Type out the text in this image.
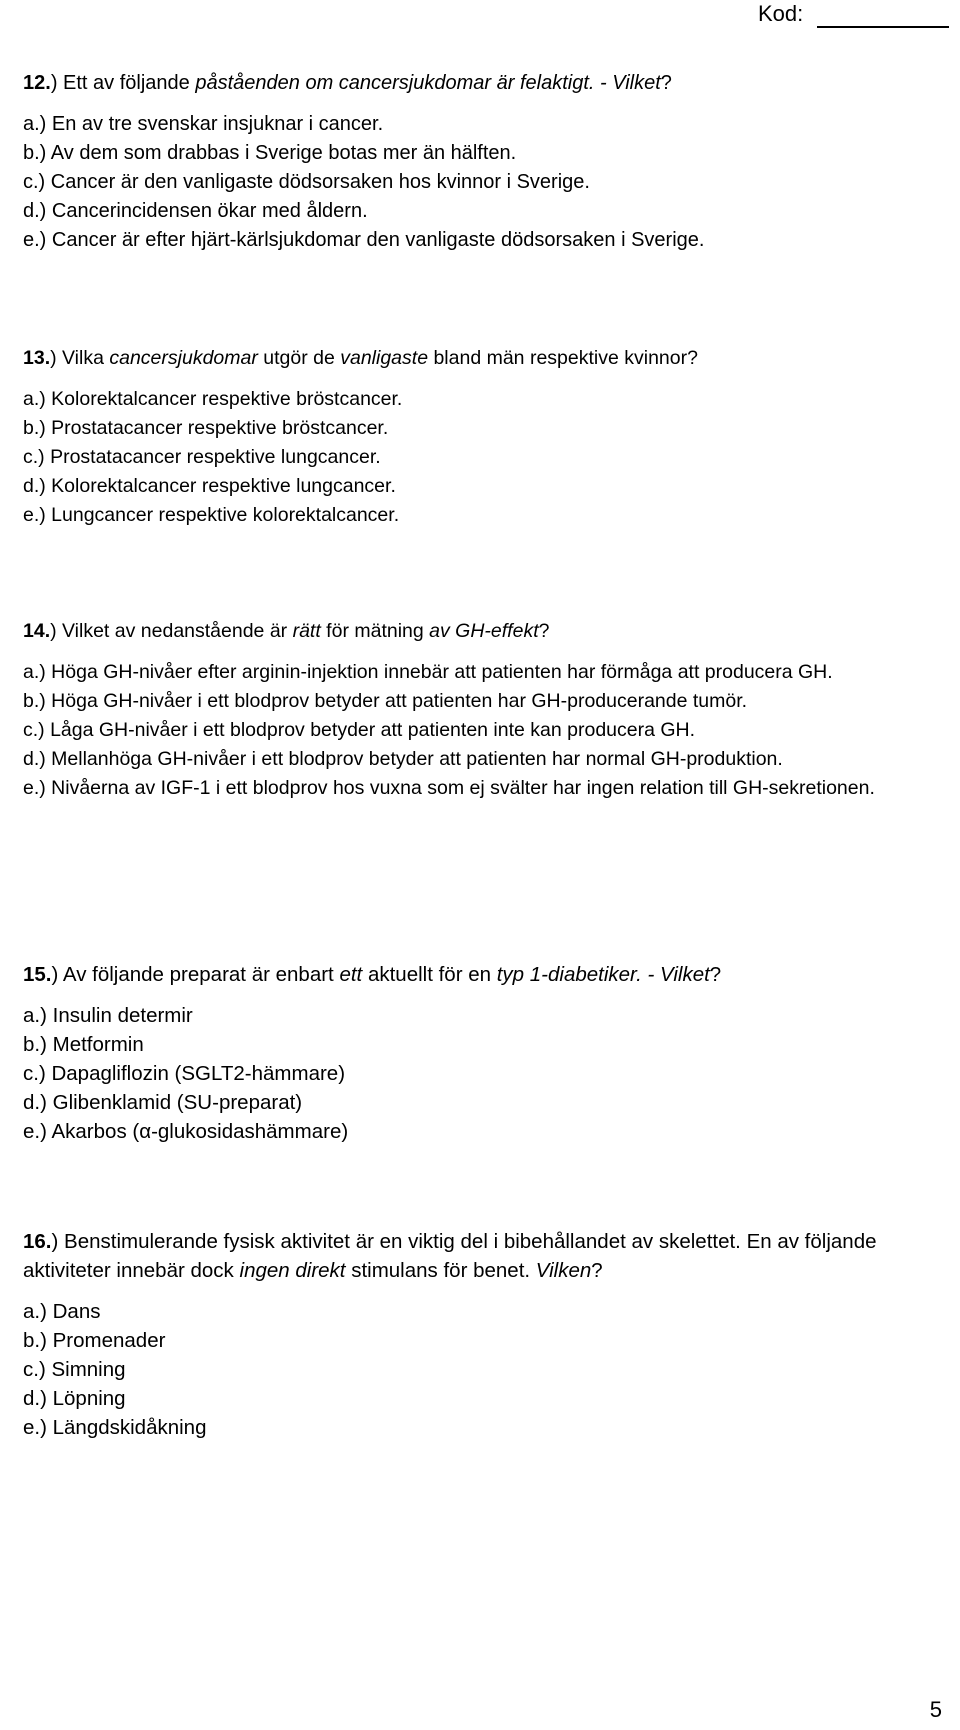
Kod:

12.) Ett av följande påståenden om cancersjukdomar är felaktigt. - Vilket?

a.) En av tre svenskar insjuknar i cancer.
b.) Av dem som drabbas i Sverige botas mer än hälften.
c.) Cancer är den vanligaste dödsorsaken hos kvinnor i Sverige.
d.) Cancerincidensen ökar med åldern.
e.) Cancer är efter hjärt-kärlsjukdomar den vanligaste dödsorsaken i Sverige.

13.) Vilka cancersjukdomar utgör de vanligaste bland män respektive kvinnor?

a.) Kolorektalcancer respektive bröstcancer.
b.) Prostatacancer respektive bröstcancer.
c.) Prostatacancer respektive lungcancer.
d.) Kolorektalcancer respektive lungcancer.
e.) Lungcancer respektive kolorektalcancer.

14.) Vilket av nedanstående är rätt för mätning av GH-effekt?

a.) Höga GH-nivåer efter arginin-injektion innebär att patienten har förmåga att producera GH.
b.) Höga GH-nivåer i ett blodprov betyder att patienten har GH-producerande tumör.
c.) Låga GH-nivåer i ett blodprov betyder att patienten inte kan producera GH.
d.) Mellanhöga GH-nivåer i ett blodprov betyder att patienten har normal GH-produktion.
e.) Nivåerna av IGF-1 i ett blodprov hos vuxna som ej svälter har ingen relation till GH-sekretionen.

15.) Av följande preparat är enbart ett aktuellt för en typ 1-diabetiker. - Vilket?

a.) Insulin determir
b.) Metformin
c.) Dapagliflozin (SGLT2-hämmare)
d.) Glibenklamid (SU-preparat)
e.) Akarbos (α-glukosidashämmare)

16.) Benstimulerande fysisk aktivitet är en viktig del i bibehållandet av skelettet. En av följande aktiviteter innebär dock ingen direkt stimulans för benet. Vilken?

a.) Dans
b.) Promenader
c.) Simning
d.) Löpning
e.) Längdskidåkning
5
